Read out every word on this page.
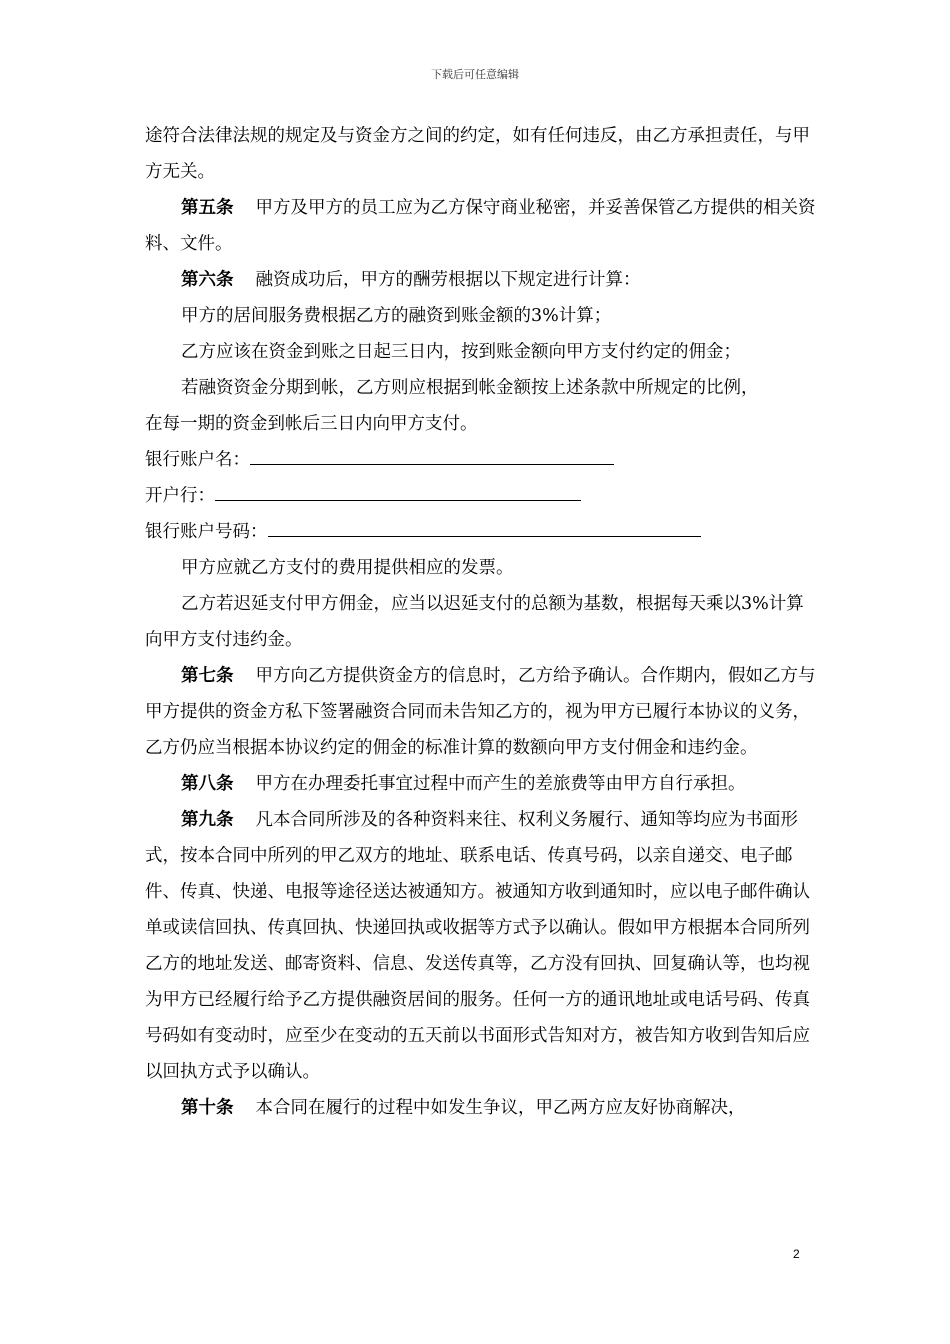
下载后可任意编辑

途符合法律法规的规定及与资金方之间的约定，如有任何违反，由乙方承担责任，与甲方无关。

第五条 甲方及甲方的员工应为乙方保守商业秘密，并妥善保管乙方提供的相关资料、文件。

第六条 融资成功后，甲方的酬劳根据以下规定进行计算：

甲方的居间服务费根据乙方的融资到账金额的3%计算；

乙方应该在资金到账之日起三日内，按到账金额向甲方支付约定的佣金；

若融资资金分期到帐，乙方则应根据到帐金额按上述条款中所规定的比例，

在每一期的资金到帐后三日内向甲方支付。

银行账户名：

开户行：

银行账户号码：

甲方应就乙方支付的费用提供相应的发票。

乙方若迟延支付甲方佣金，应当以迟延支付的总额为基数，根据每天乘以3%计算向甲方支付违约金。

第七条 甲方向乙方提供资金方的信息时，乙方给予确认。合作期内，假如乙方与甲方提供的资金方私下签署融资合同而未告知乙方的，视为甲方已履行本协议的义务，乙方仍应当根据本协议约定的佣金的标准计算的数额向甲方支付佣金和违约金。

第八条 甲方在办理委托事宜过程中而产生的差旅费等由甲方自行承担。

第九条 凡本合同所涉及的各种资料来往、权利义务履行、通知等均应为书面形式，按本合同中所列的甲乙双方的地址、联系电话、传真号码，以亲自递交、电子邮件、传真、快递、电报等途径送达被通知方。被通知方收到通知时，应以电子邮件确认单或读信回执、传真回执、快递回执或收据等方式予以确认。假如甲方根据本合同所列乙方的地址发送、邮寄资料、信息、发送传真等，乙方没有回执、回复确认等，也均视为甲方已经履行给予乙方提供融资居间的服务。任何一方的通讯地址或电话号码、传真号码如有变动时，应至少在变动的五天前以书面形式告知对方，被告知方收到告知后应以回执方式予以确认。

第十条 本合同在履行的过程中如发生争议，甲乙两方应友好协商解决，

2
